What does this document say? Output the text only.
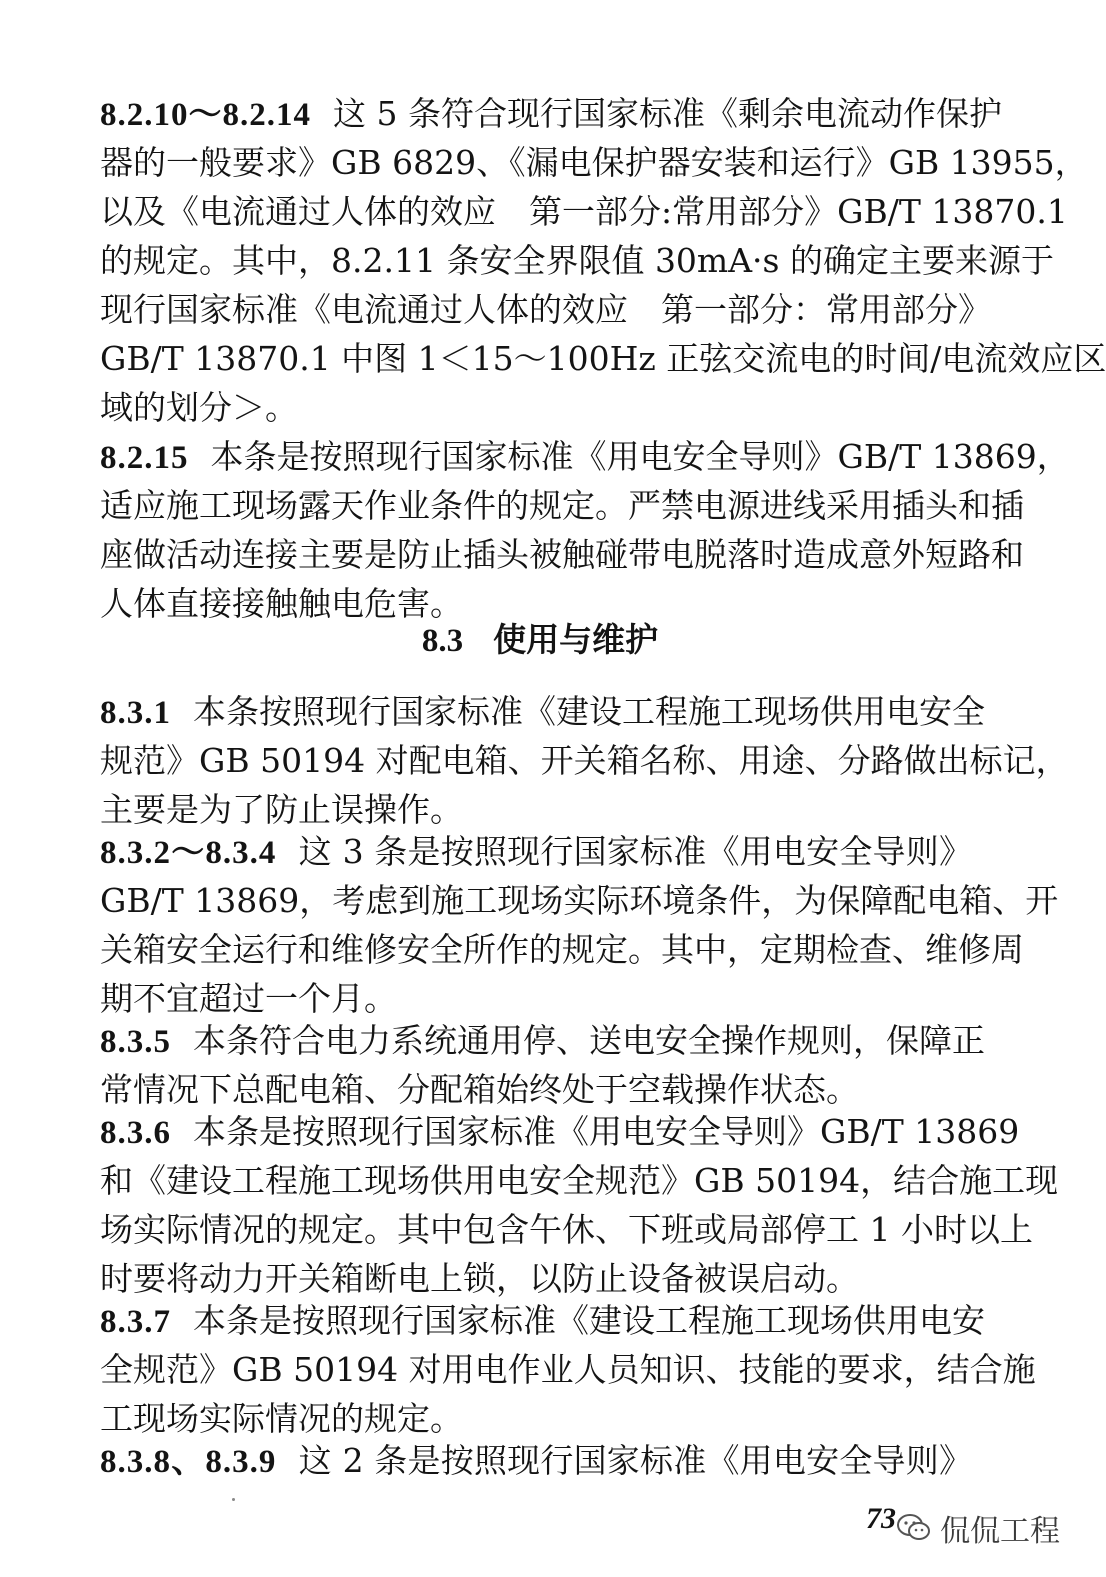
8.2.10～8.2.14 这 5 条符合现行国家标准《剩余电流动作保护
器的一般要求》GB 6829、《漏电保护器安装和运行》GB 13955，
以及《电流通过人体的效应　第一部分:常用部分》GB/T 13870.1
的规定。其中，8.2.11 条安全界限值 30mA·s 的确定主要来源于
现行国家标准《电流通过人体的效应　第一部分：常用部分》
GB/T 13870.1 中图 1＜15～100Hz 正弦交流电的时间/电流效应区
域的划分＞。
8.2.15 本条是按照现行国家标准《用电安全导则》GB/T 13869，
适应施工现场露天作业条件的规定。严禁电源进线采用插头和插
座做活动连接主要是防止插头被触碰带电脱落时造成意外短路和
人体直接接触触电危害。
8.3 使用与维护
8.3.1 本条按照现行国家标准《建设工程施工现场供用电安全
规范》GB 50194 对配电箱、开关箱名称、用途、分路做出标记，
主要是为了防止误操作。
8.3.2～8.3.4 这 3 条是按照现行国家标准《用电安全导则》
GB/T 13869，考虑到施工现场实际环境条件，为保障配电箱、开
关箱安全运行和维修安全所作的规定。其中，定期检查、维修周
期不宜超过一个月。
8.3.5 本条符合电力系统通用停、送电安全操作规则，保障正
常情况下总配电箱、分配箱始终处于空载操作状态。
8.3.6 本条是按照现行国家标准《用电安全导则》GB/T 13869
和《建设工程施工现场供用电安全规范》GB 50194，结合施工现
场实际情况的规定。其中包含午休、下班或局部停工 1 小时以上
时要将动力开关箱断电上锁，以防止设备被误启动。
8.3.7 本条是按照现行国家标准《建设工程施工现场供用电安
全规范》GB 50194 对用电作业人员知识、技能的要求，结合施
工现场实际情况的规定。
8.3.8、8.3.9 这 2 条是按照现行国家标准《用电安全导则》
73 侃侃工程
